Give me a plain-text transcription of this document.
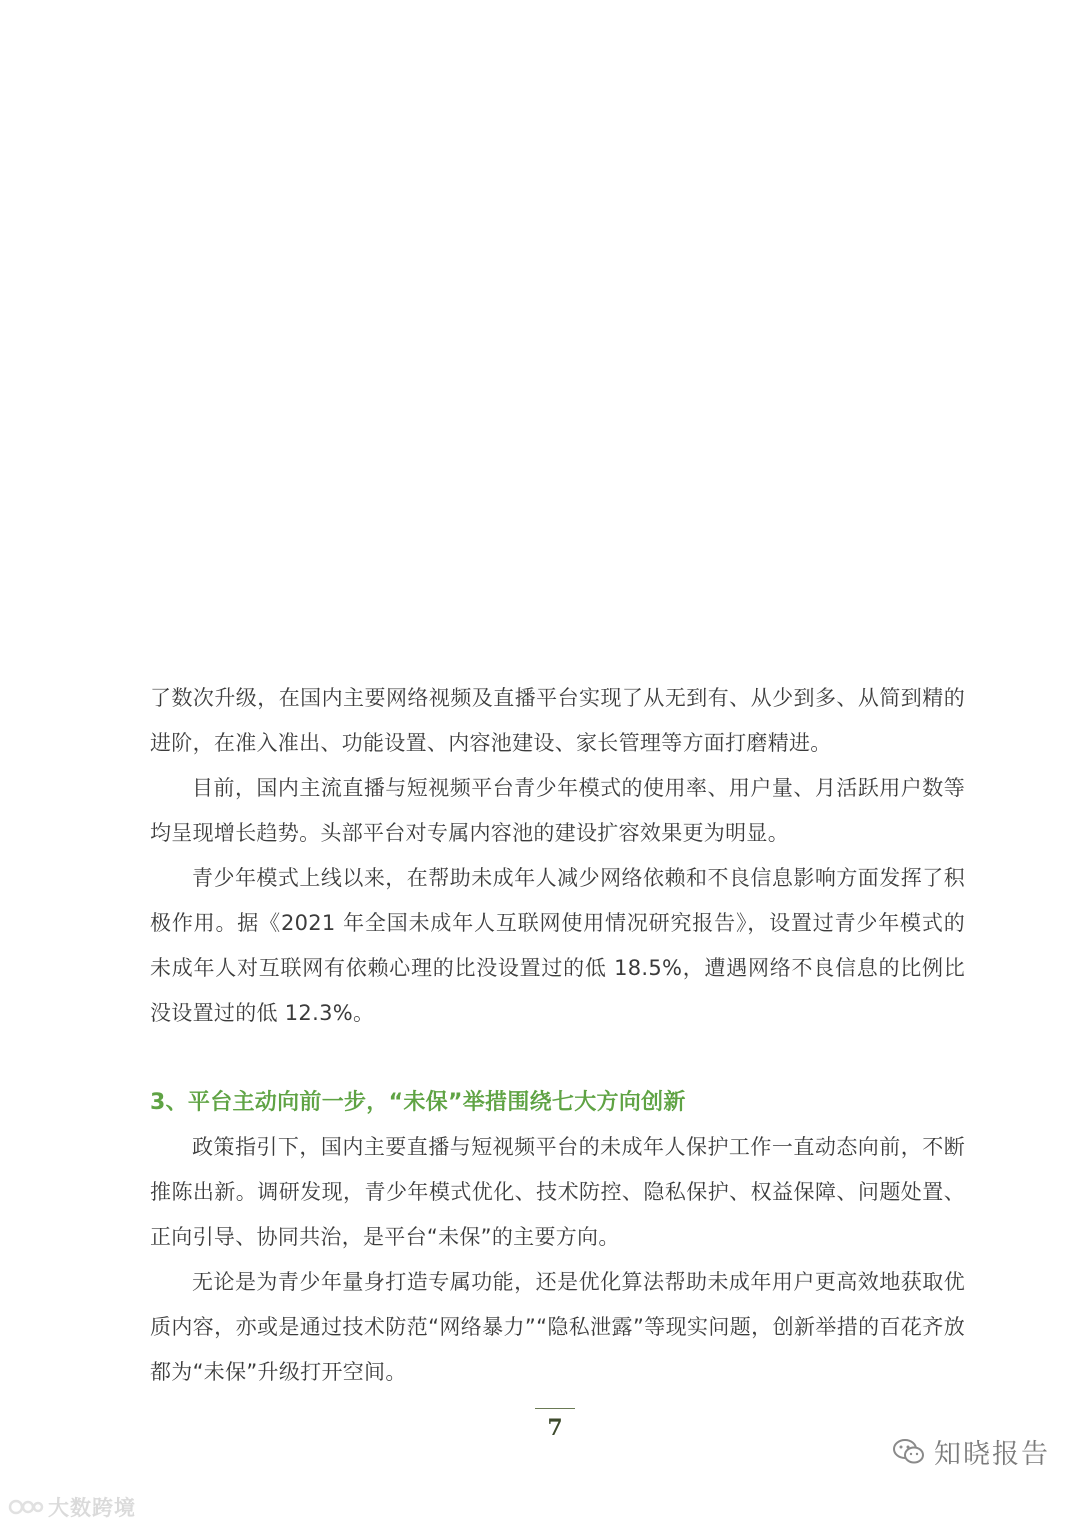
了数次升级，在国内主要网络视频及直播平台实现了从无到有、从少到多、从简到精的进阶，在准入准出、功能设置、内容池建设、家长管理等方面打磨精进。

目前，国内主流直播与短视频平台青少年模式的使用率、用户量、月活跃用户数等均呈现增长趋势。头部平台对专属内容池的建设扩容效果更为明显。

青少年模式上线以来，在帮助未成年人减少网络依赖和不良信息影响方面发挥了积极作用。据《2021 年全国未成年人互联网使用情况研究报告》，设置过青少年模式的未成年人对互联网有依赖心理的比没设置过的低 18.5%，遭遇网络不良信息的比例比没设置过的低 12.3%。

3、平台主动向前一步，“未保”举措围绕七大方向创新

政策指引下，国内主要直播与短视频平台的未成年人保护工作一直动态向前，不断推陈出新。调研发现，青少年模式优化、技术防控、隐私保护、权益保障、问题处置、正向引导、协同共治，是平台“未保”的主要方向。

无论是为青少年量身打造专属功能，还是优化算法帮助未成年用户更高效地获取优质内容，亦或是通过技术防范“网络暴力”“隐私泄露”等现实问题，创新举措的百花齐放都为“未保”升级打开空间。

7
大数跨境
知晓报告
